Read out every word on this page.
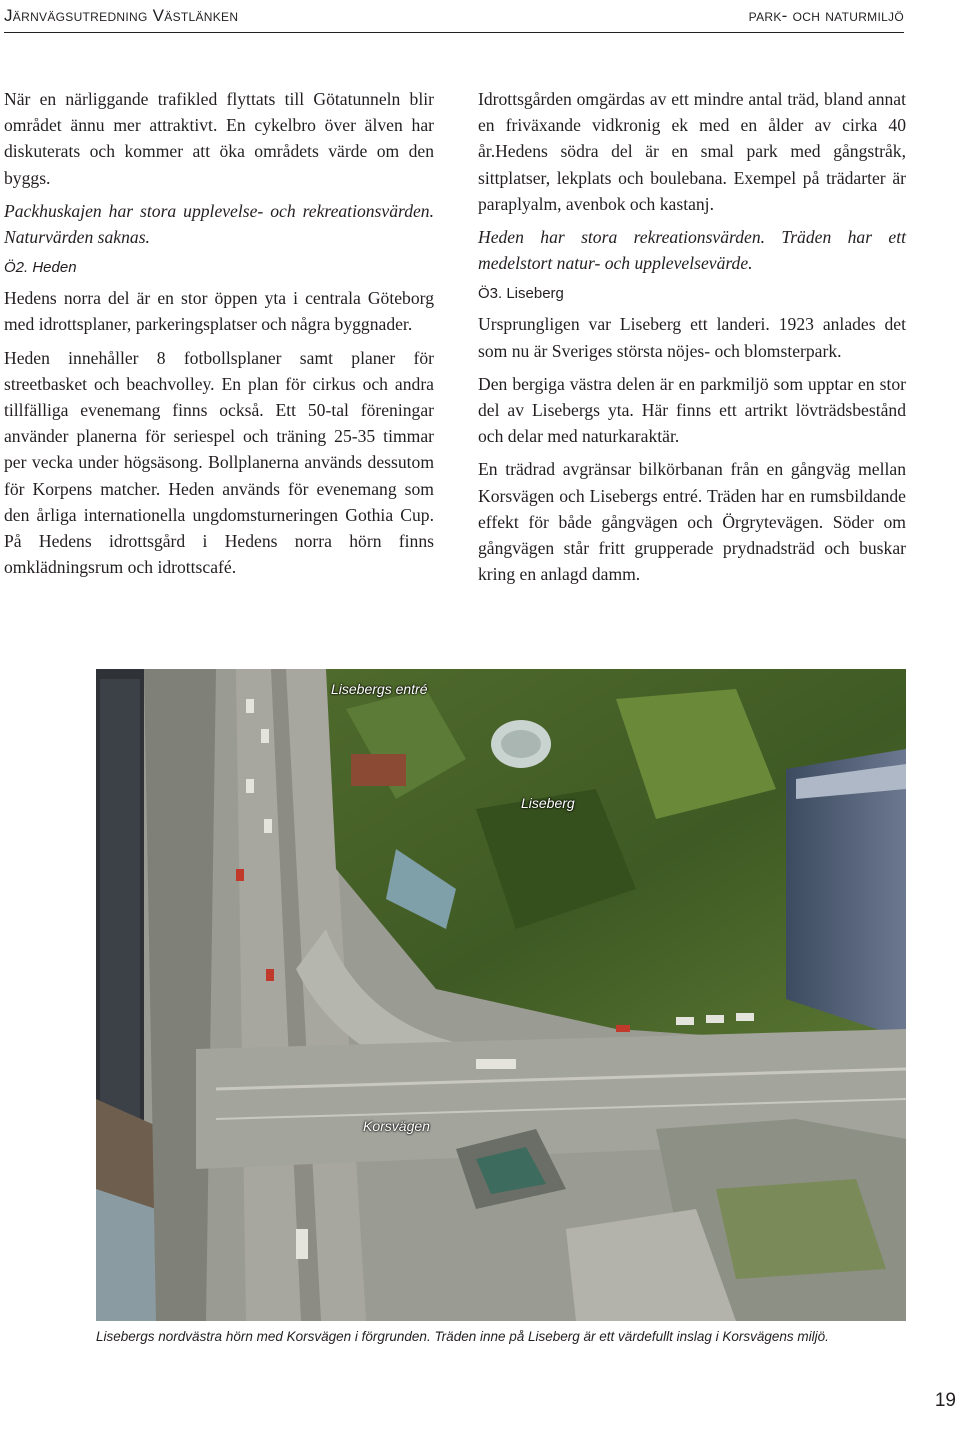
Järnvägsutredning Västlänken	park- och naturmiljö

När en närliggande trafikled flyttats till Götatunneln blir området ännu mer attraktivt. En cykelbro över älven har diskuterats och kommer att öka områdets värde om den byggs.

Packhuskajen har stora upplevelse- och rekreationsvärden. Naturvärden saknas.

Ö2. Heden

Hedens norra del är en stor öppen yta i centrala Göteborg med idrottsplaner, parkeringsplatser och några byggnader.

Heden innehåller 8 fotbollsplaner samt planer för streetbasket och beachvolley. En plan för cirkus och andra tillfälliga evenemang finns också. Ett 50-tal föreningar använder planerna för seriespel och träning 25-35 timmar per vecka under högsäsong. Bollplanerna används dessutom för Korpens matcher. Heden används för evenemang som den årliga internationella ungdomsturneringen Gothia Cup. På Hedens idrottsgård i Hedens norra hörn finns omklädningsrum och idrottscafé.

Idrottsgården omgärdas av ett mindre antal träd, bland annat en friväxande vidkronig ek med en ålder av cirka 40 år.Hedens södra del är en smal park med gångstråk, sittplatser, lekplats och boulebana. Exempel på trädarter är paraplyalm, avenbok och kastanj.

Heden har stora rekreationsvärden. Träden har ett medelstort natur- och upplevelsevärde.

Ö3. Liseberg

Ursprungligen var Liseberg ett landeri. 1923 anlades det som nu är Sveriges största nöjes- och blomsterpark.

Den bergiga västra delen är en parkmiljö som upptar en stor del av Lisebergs yta. Här finns ett artrikt lövträdsbestånd och delar med naturkaraktär.

En trädrad avgränsar bilkörbanan från en gångväg mellan Korsvägen och Lisebergs entré. Träden har en rumsbildande effekt för både gångvägen och Örgrytevägen. Söder om gångvägen står fritt grupperade prydnadsträd och buskar kring en anlagd damm.

Lisebergs entré
Liseberg
Korsvägen
Lisebergs nordvästra hörn med Korsvägen i förgrunden. Träden inne på Liseberg är ett värdefullt inslag i Korsvägens miljö.
19
